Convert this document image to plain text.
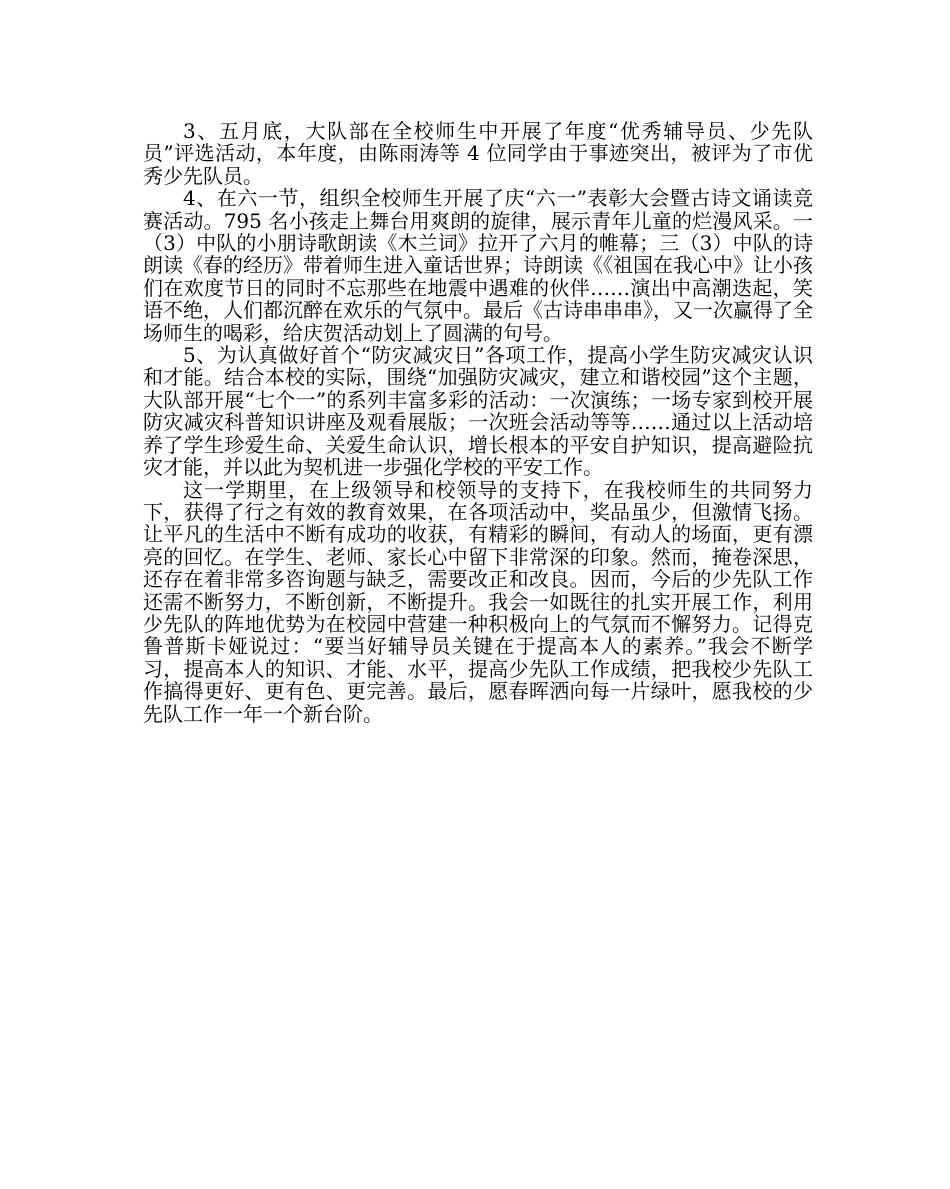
3、五月底，大队部在全校师生中开展了年度“优秀辅导员、少先队员”评选活动，本年度，由陈雨涛等 4 位同学由于事迹突出，被评为了市优秀少先队员。

4、在六一节，组织全校师生开展了庆“六一”表彰大会暨古诗文诵读竞赛活动。795 名小孩走上舞台用爽朗的旋律，展示青年儿童的烂漫风采。一（3）中队的小朋诗歌朗读《木兰词》拉开了六月的帷幕；三（3）中队的诗朗读《春的经历》带着师生进入童话世界；诗朗读《《祖国在我心中》让小孩们在欢度节日的同时不忘那些在地震中遇难的伙伴……演出中高潮迭起，笑语不绝，人们都沉醉在欢乐的气氛中。最后《古诗串串串》，又一次赢得了全场师生的喝彩，给庆贺活动划上了圆满的句号。

5、为认真做好首个“防灾减灾日”各项工作，提高小学生防灾减灾认识和才能。结合本校的实际，围绕“加强防灾减灾，建立和谐校园”这个主题，大队部开展“七个一”的系列丰富多彩的活动：一次演练；一场专家到校开展防灾减灾科普知识讲座及观看展版；一次班会活动等等……通过以上活动培养了学生珍爱生命、关爱生命认识，增长根本的平安自护知识，提高避险抗灾才能，并以此为契机进一步强化学校的平安工作。

这一学期里，在上级领导和校领导的支持下，在我校师生的共同努力下，获得了行之有效的教育效果，在各项活动中，奖品虽少，但激情飞扬。让平凡的生活中不断有成功的收获，有精彩的瞬间，有动人的场面，更有漂亮的回忆。在学生、老师、家长心中留下非常深的印象。然而，掩卷深思，还存在着非常多咨询题与缺乏，需要改正和改良。因而，今后的少先队工作还需不断努力，不断创新，不断提升。我会一如既往的扎实开展工作，利用少先队的阵地优势为在校园中营建一种积极向上的气氛而不懈努力。记得克鲁普斯卡娅说过：“要当好辅导员关键在于提高本人的素养。”我会不断学习，提高本人的知识、才能、水平，提高少先队工作成绩，把我校少先队工作搞得更好、更有色、更完善。最后，愿春晖洒向每一片绿叶，愿我校的少先队工作一年一个新台阶。
